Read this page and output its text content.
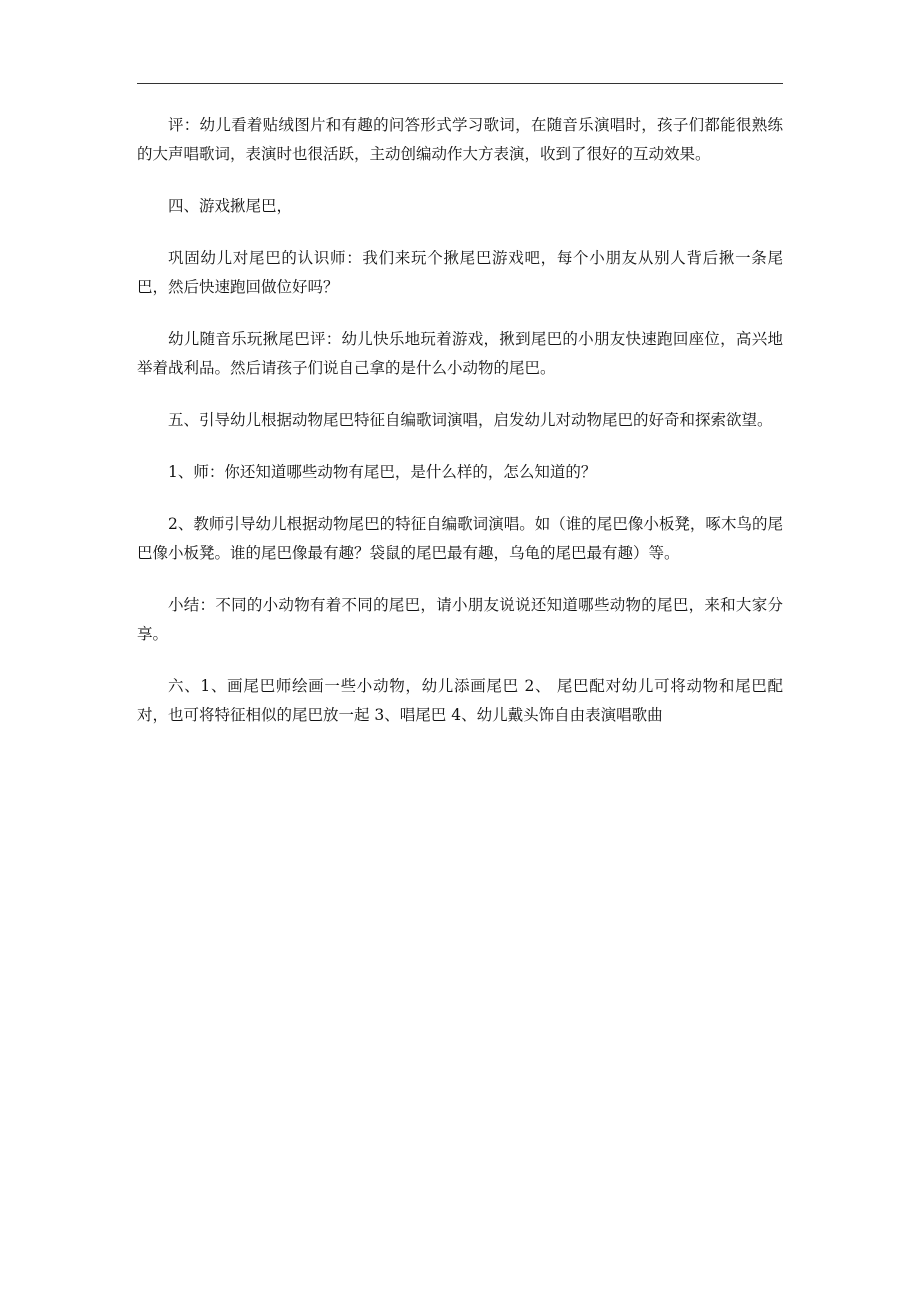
评：幼儿看着贴绒图片和有趣的问答形式学习歌词，在随音乐演唱时，孩子们都能很熟练的大声唱歌词，表演时也很活跃，主动创编动作大方表演，收到了很好的互动效果。

四、游戏揪尾巴，

巩固幼儿对尾巴的认识师：我们来玩个揪尾巴游戏吧，每个小朋友从别人背后揪一条尾巴，然后快速跑回做位好吗？

幼儿随音乐玩揪尾巴评：幼儿快乐地玩着游戏，揪到尾巴的小朋友快速跑回座位，高兴地举着战利品。然后请孩子们说自己拿的是什么小动物的尾巴。

五、引导幼儿根据动物尾巴特征自编歌词演唱，启发幼儿对动物尾巴的好奇和探索欲望。

1、师：你还知道哪些动物有尾巴，是什么样的，怎么知道的？

2、教师引导幼儿根据动物尾巴的特征自编歌词演唱。如（谁的尾巴像小板凳，啄木鸟的尾巴像小板凳。谁的尾巴像最有趣？袋鼠的尾巴最有趣，乌龟的尾巴最有趣）等。

小结：不同的小动物有着不同的尾巴，请小朋友说说还知道哪些动物的尾巴，来和大家分享。

六、1、画尾巴师绘画一些小动物，幼儿添画尾巴 2、 尾巴配对幼儿可将动物和尾巴配对，也可将特征相似的尾巴放一起 3、唱尾巴 4、幼儿戴头饰自由表演唱歌曲
